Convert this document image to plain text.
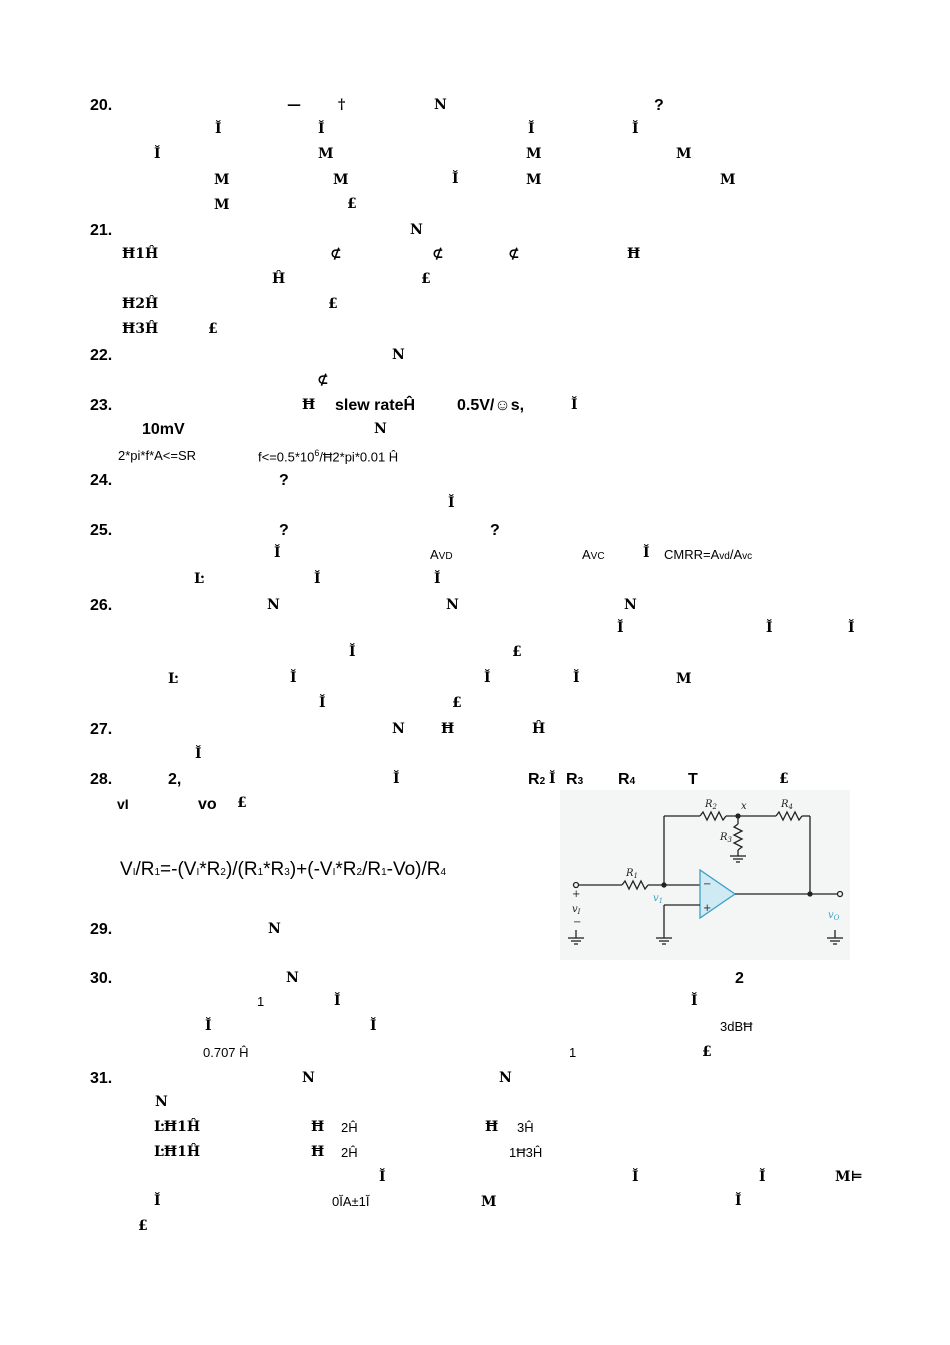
20.	—	†	N	?
Ĭ	Ĭ	Ĭ	Ĭ
Ĭ	M	M	M
M	M	Ĭ	M	M
M	£
21.	N
Ħ1Ĥ	⊄	⊄	⊄	Ħ
Ĥ	£
Ħ2Ĥ	£
Ħ3Ĥ	£
22.	N
⊄
23.	Ħ slew rateĤ	0.5V/☺s,	Ĭ
10mV	N
2*pi*f*A<=SR	$f<=0.5*10^6/Ħ2*pi*0.01$ Ĥ
24.	?
Ĭ
25.	?	?
Ĭ	AVD	AVC	Ĭ CMRR=Avd/Avc
Ŀ	Ĭ	Ĭ
26.	N	N	N
Ĭ	Ĭ	Ĭ
Ĭ	£
Ŀ	Ĭ	Ĭ	Ĭ	M
Ĭ	£
27.	N	Ħ	Ĥ
Ĭ
28.	2,	Ĭ	R2 Ĭ R3 R4	T	£
vI	vo £
VI/R1=-(VI*R2)/(R1*R3)+(-VI*R2/R1-Vo)/R4	$R_1$
$R_2$
$R_3$
$R_4$
x
$v_I$
+
−
$v_1$
$v_O$
−
+
29.	N
30.	N	2
1	Ĭ	Ĭ
Ĭ	Ĭ	3dBĦ
0.707 Ĥ	1	£
31.	N	N
N
ĿĦ1Ĥ	Ħ 2Ĥ	Ħ 3Ĥ
ĿĦ1Ĥ	Ħ 2Ĥ	1Ħ3Ĥ
Ĭ	Ĭ	Ĭ	M⊨
Ĭ	0ĬA±1Ĭ	M	Ĭ
£
